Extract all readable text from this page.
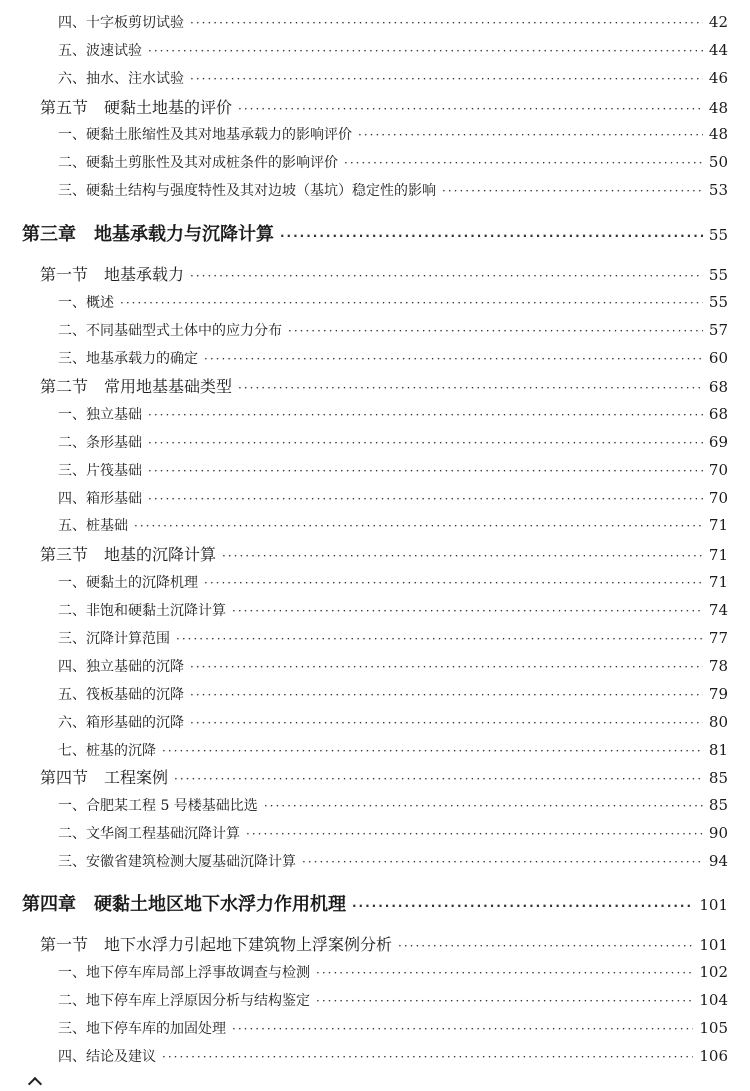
四、十字板剪切试验 ·····	42
五、波速试验 ·····	44
六、抽水、注水试验 ·····	46
第五节　硬黏土地基的评价 ·····	48
一、硬黏土胀缩性及其对地基承载力的影响评价 ·····	48
二、硬黏土剪胀性及其对成桩条件的影响评价 ·····	50
三、硬黏土结构与强度特性及其对边坡（基坑）稳定性的影响 ·····	53
第三章　地基承载力与沉降计算 ·····	55
第一节　地基承载力 ·····	55
一、概述 ·····	55
二、不同基础型式土体中的应力分布 ·····	57
三、地基承载力的确定 ·····	60
第二节　常用地基基础类型 ·····	68
一、独立基础 ·····	68
二、条形基础 ·····	69
三、片筏基础 ·····	70
四、箱形基础 ·····	70
五、桩基础 ·····	71
第三节　地基的沉降计算 ·····	71
一、硬黏土的沉降机理 ·····	71
二、非饱和硬黏土沉降计算 ·····	74
三、沉降计算范围 ·····	77
四、独立基础的沉降 ·····	78
五、筏板基础的沉降 ·····	79
六、箱形基础的沉降 ·····	80
七、桩基的沉降 ·····	81
第四节　工程案例 ·····	85
一、合肥某工程 5 号楼基础比选 ·····	85
二、文华阁工程基础沉降计算 ·····	90
三、安徽省建筑检测大厦基础沉降计算 ·····	94
第四章　硬黏土地区地下水浮力作用机理 ·····	101
第一节　地下水浮力引起地下建筑物上浮案例分析 ·····	101
一、地下停车库局部上浮事故调查与检测 ·····	102
二、地下停车库上浮原因分析与结构鉴定 ·····	104
三、地下停车库的加固处理 ·····	105
四、结论及建议 ·····	106
